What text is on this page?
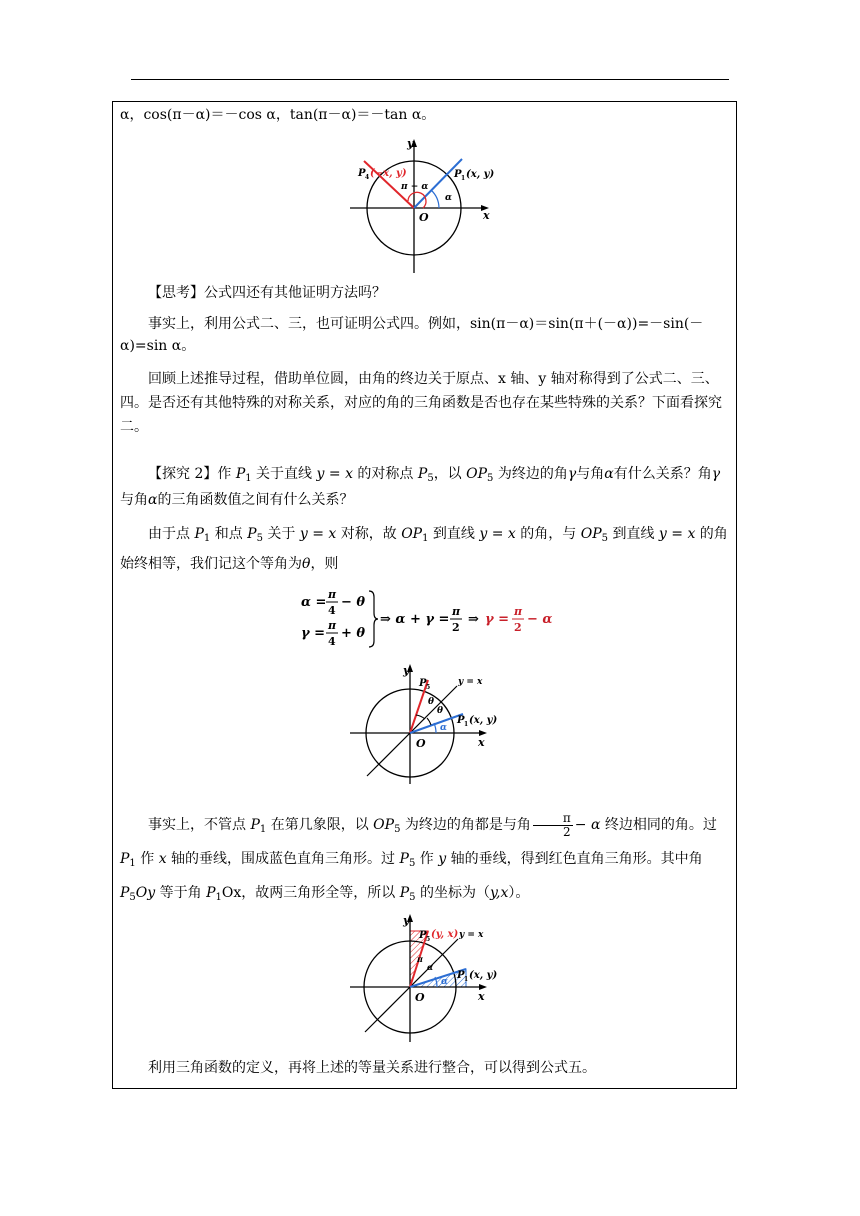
α，cos(π－α)＝－cos α，tan(π－α)＝－tan α。

y
x
O
P 4 (−x, y)	P 1 (x, y)
π − α
α

【思考】公式四还有其他证明方法吗？

事实上，利用公式二、三，也可证明公式四。例如，sin(π－α)＝sin(π＋(－α))=－sin(－α)=sin α。

回顾上述推导过程，借助单位圆，由角的终边关于原点、x 轴、y 轴对称得到了公式二、三、四。是否还有其他特殊的对称关系，对应的角的三角函数是否也存在某些特殊的关系？下面看探究二。

【探究 2】作 $P_1$ 关于直线 y = x 的对称点 $P_5$，以 $OP_5$ 为终边的角γ与角α有什么关系？角γ与角α的三角函数值之间有什么关系？

由于点 $P_1$ 和点 $P_5$ 关于 y = x 对称，故 $OP_1$ 到直线 y = x 的角，与 $OP_5$ 到直线 y = x 的角始终相等，我们记这个等角为θ，则

α =
π
4
− θ
γ =
π
4
+ θ
⇒ α + γ =
π
2
⇒ γ =
π
2
− α
y
x
O
y = x
P 5
P 1 (x, y)
θ
θ
α

事实上，不管点 $P_1$ 在第几象限，以 $OP_5$ 为终边的角都是与角 $\frac{\pi}{2} - \alpha$ 终边相同的角。过 $P_1$ 作 x 轴的垂线，围成蓝色直角三角形。过 $P_5$ 作 y 轴的垂线，得到红色直角三角形。其中角 $P_5Oy$ 等于角 $P_1Ox$，故两三角形全等，所以 $P_5$ 的坐标为（y,x）。

y
x
O
y = x
P 5 (y, x)
P 1 (x, y)
π
α
α

利用三角函数的定义，再将上述的等量关系进行整合，可以得到公式五。
